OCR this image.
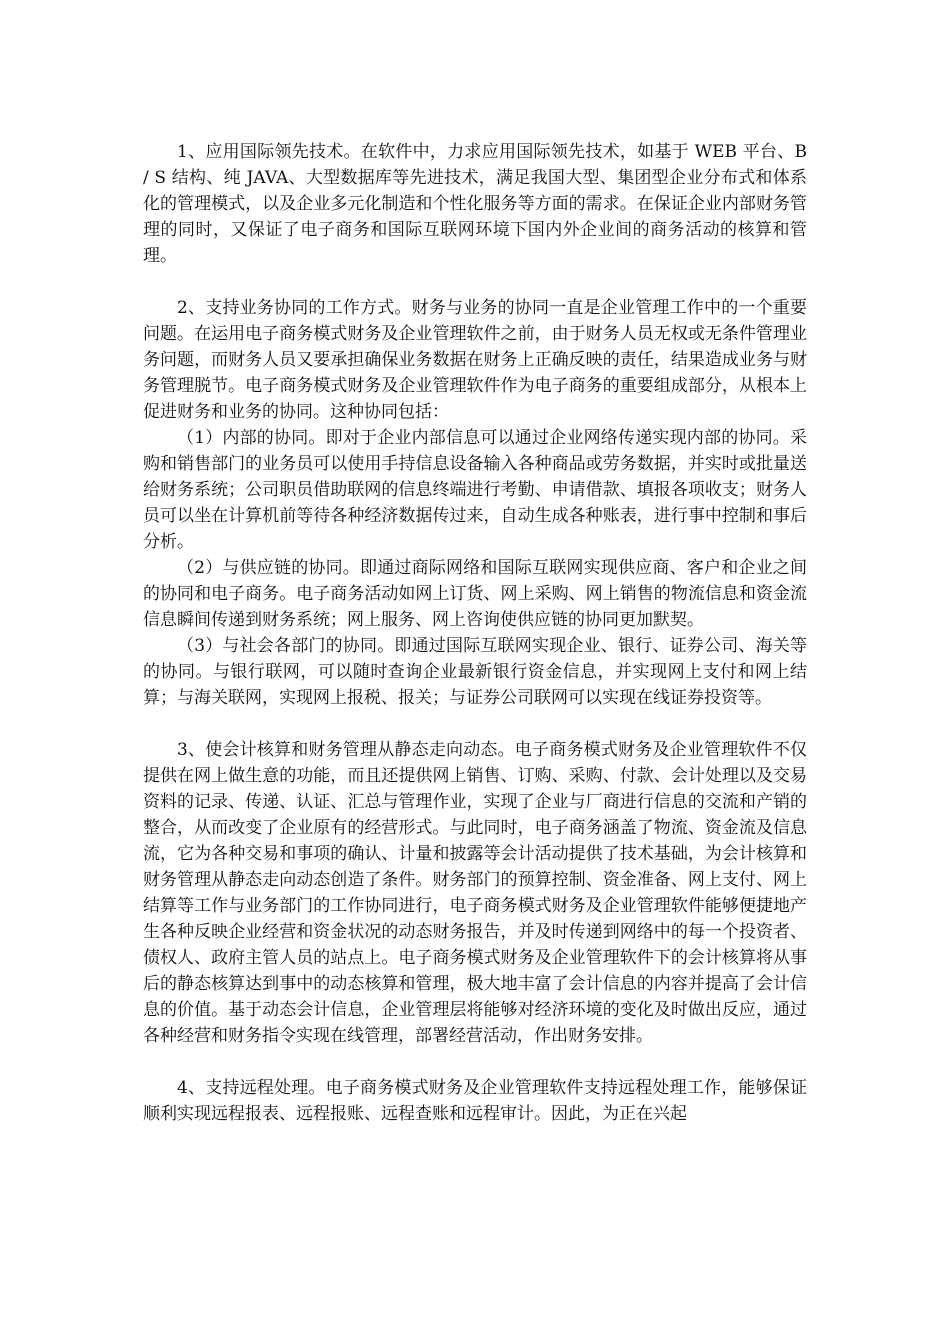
1、应用国际领先技术。在软件中，力求应用国际领先技术，如基于 WEB 平台、B / S 结构、纯 JAVA、大型数据库等先进技术，满足我国大型、集团型企业分布式和体系化的管理模式，以及企业多元化制造和个性化服务等方面的需求。在保证企业内部财务管理的同时，又保证了电子商务和国际互联网环境下国内外企业间的商务活动的核算和管理。

2、支持业务协同的工作方式。财务与业务的协同一直是企业管理工作中的一个重要问题。在运用电子商务模式财务及企业管理软件之前，由于财务人员无权或无条件管理业务问题，而财务人员又要承担确保业务数据在财务上正确反映的责任，结果造成业务与财务管理脱节。电子商务模式财务及企业管理软件作为电子商务的重要组成部分，从根本上促进财务和业务的协同。这种协同包括：

（1）内部的协同。即对于企业内部信息可以通过企业网络传递实现内部的协同。采购和销售部门的业务员可以使用手持信息设备输入各种商品或劳务数据，并实时或批量送给财务系统；公司职员借助联网的信息终端进行考勤、申请借款、填报各项收支；财务人员可以坐在计算机前等待各种经济数据传过来，自动生成各种账表，进行事中控制和事后分析。

（2）与供应链的协同。即通过商际网络和国际互联网实现供应商、客户和企业之间的协同和电子商务。电子商务活动如网上订货、网上采购、网上销售的物流信息和资金流信息瞬间传递到财务系统；网上服务、网上咨询使供应链的协同更加默契。

（3）与社会各部门的协同。即通过国际互联网实现企业、银行、证券公司、海关等的协同。与银行联网，可以随时查询企业最新银行资金信息，并实现网上支付和网上结算；与海关联网，实现网上报税、报关；与证券公司联网可以实现在线证券投资等。

3、使会计核算和财务管理从静态走向动态。电子商务模式财务及企业管理软件不仅提供在网上做生意的功能，而且还提供网上销售、订购、采购、付款、会计处理以及交易资料的记录、传递、认证、汇总与管理作业，实现了企业与厂商进行信息的交流和产销的整合，从而改变了企业原有的经营形式。与此同时，电子商务涵盖了物流、资金流及信息流，它为各种交易和事项的确认、计量和披露等会计活动提供了技术基础，为会计核算和财务管理从静态走向动态创造了条件。财务部门的预算控制、资金准备、网上支付、网上结算等工作与业务部门的工作协同进行，电子商务模式财务及企业管理软件能够便捷地产生各种反映企业经营和资金状况的动态财务报告，并及时传递到网络中的每一个投资者、债权人、政府主管人员的站点上。电子商务模式财务及企业管理软件下的会计核算将从事后的静态核算达到事中的动态核算和管理，极大地丰富了会计信息的内容并提高了会计信息的价值。基于动态会计信息，企业管理层将能够对经济环境的变化及时做出反应，通过各种经营和财务指令实现在线管理，部署经营活动，作出财务安排。

4、支持远程处理。电子商务模式财务及企业管理软件支持远程处理工作，能够保证顺利实现远程报表、远程报账、远程查账和远程审计。因此，为正在兴起
